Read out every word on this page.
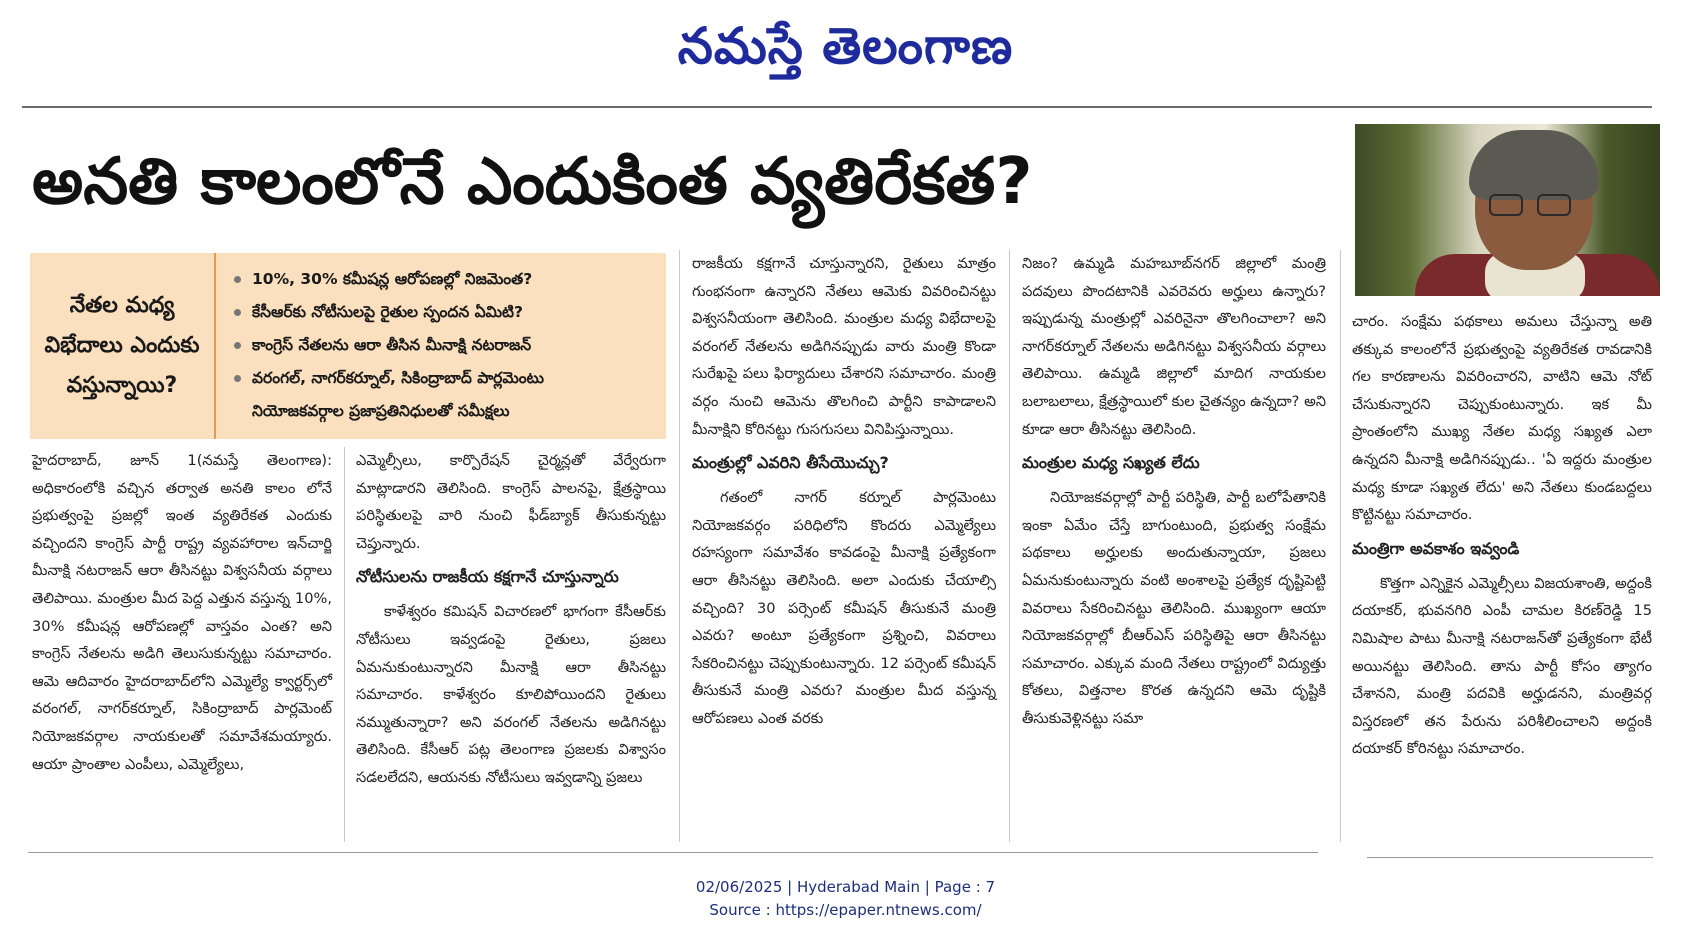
నమస్తే తెలంగాణ
అనతి కాలంలోనే ఎందుకింత వ్యతిరేకత?
నేతల మధ్య విభేదాలు ఎందుకు వస్తున్నాయి?
10%, 30% కమీషన్ల ఆరోపణల్లో నిజమెంత?
కేసీఆర్‌కు నోటీసులపై రైతుల స్పందన ఏమిటి?
కాంగ్రెస్ నేతలను ఆరా తీసిన మీనాక్షి నటరాజన్
వరంగల్, నాగర్‌కర్నూల్, సికింద్రాబాద్ పార్లమెంటు
నియోజకవర్గాల ప్రజాప్రతినిధులతో సమీక్షలు

హైదరాబాద్, జూన్ 1(నమస్తే తెలంగాణ): అధికారంలోకి వచ్చిన తర్వాత అనతి కాలం లోనే ప్రభుత్వంపై ప్రజల్లో ఇంత వ్యతిరేకత ఎందుకు వచ్చిందని కాంగ్రెస్ పార్టీ రాష్ట్ర వ్యవహారాల ఇన్‌చార్జి మీనాక్షి నటరాజన్ ఆరా తీసినట్టు విశ్వసనీయ వర్గాలు తెలిపాయి. మంత్రుల మీద పెద్ద ఎత్తున వస్తున్న 10%, 30% కమీషన్ల ఆరోపణల్లో వాస్తవం ఎంత? అని కాంగ్రెస్ నేతలను అడిగి తెలుసుకున్నట్టు సమాచారం. ఆమె ఆదివారం హైదరాబాద్‌లోని ఎమ్మెల్యే క్వార్టర్స్‌లో వరంగల్, నాగర్‌కర్నూల్, సికింద్రాబాద్ పార్లమెంట్ నియోజకవర్గాల నాయకులతో సమావేశమయ్యారు. ఆయా ప్రాంతాల ఎంపీలు, ఎమ్మెల్యేలు,

ఎమ్మెల్సీలు, కార్పొరేషన్ చైర్మన్లతో వేర్వేరుగా మాట్లాడారని తెలిసింది. కాంగ్రెస్ పాలనపై, క్షేత్రస్థాయి పరిస్థితులపై వారి నుంచి ఫీడ్‌బ్యాక్ తీసుకున్నట్టు చెప్తున్నారు.

నోటీసులను రాజకీయ కక్షగానే చూస్తున్నారు

కాళేశ్వరం కమిషన్ విచారణలో భాగంగా కేసీఆర్‌కు నోటీసులు ఇవ్వడంపై రైతులు, ప్రజలు ఏమనుకుంటున్నారని మీనాక్షి ఆరా తీసినట్టు సమాచారం. కాళేశ్వరం కూలిపోయిందని రైతులు నమ్ముతున్నారా? అని వరంగల్ నేతలను అడిగినట్టు తెలిసింది. కేసీఆర్ పట్ల తెలంగాణ ప్రజలకు విశ్వాసం సడలలేదని, ఆయనకు నోటీసులు ఇవ్వడాన్ని ప్రజలు

రాజకీయ కక్షగానే చూస్తున్నారని, రైతులు మాత్రం గుంభనంగా ఉన్నారని నేతలు ఆమెకు వివరించినట్టు విశ్వసనీయంగా తెలిసింది. మంత్రుల మధ్య విభేదాలపై వరంగల్ నేతలను అడిగినప్పుడు వారు మంత్రి కొండా సురేఖపై పలు ఫిర్యాదులు చేశారని సమాచారం. మంత్రి వర్గం నుంచి ఆమెను తొలగించి పార్టీని కాపాడాలని మీనాక్షిని కోరినట్టు గుసగుసలు వినిపిస్తున్నాయి.

మంత్రుల్లో ఎవరిని తీసేయొచ్చు?

గతంలో నాగర్ కర్నూల్ పార్లమెంటు నియోజకవర్గం పరిధిలోని కొందరు ఎమ్మెల్యేలు రహస్యంగా సమావేశం కావడంపై మీనాక్షి ప్రత్యేకంగా ఆరా తీసినట్టు తెలిసింది. అలా ఎందుకు చేయాల్సి వచ్చింది? 30 పర్సెంట్ కమీషన్ తీసుకునే మంత్రి ఎవరు? అంటూ ప్రత్యేకంగా ప్రశ్నించి, వివరాలు సేకరించినట్టు చెప్పుకుంటున్నారు. 12 పర్సెంట్ కమీషన్ తీసుకునే మంత్రి ఎవరు? మంత్రుల మీద వస్తున్న ఆరోపణలు ఎంత వరకు

నిజం? ఉమ్మడి మహబూబ్‌నగర్ జిల్లాలో మంత్రి పదవులు పొందటానికి ఎవరెవరు అర్హులు ఉన్నారు? ఇప్పుడున్న మంత్రుల్లో ఎవరినైనా తొలగించాలా? అని నాగర్‌కర్నూల్ నేతలను అడిగినట్టు విశ్వసనీయ వర్గాలు తెలిపాయి. ఉమ్మడి జిల్లాలో మాదిగ నాయకుల బలాబలాలు, క్షేత్రస్థాయిలో కుల చైతన్యం ఉన్నదా? అని కూడా ఆరా తీసినట్టు తెలిసింది.

మంత్రుల మధ్య సఖ్యత లేదు

నియోజకవర్గాల్లో పార్టీ పరిస్థితి, పార్టీ బలోపేతానికి ఇంకా ఏమేం చేస్తే బాగుంటుంది, ప్రభుత్వ సంక్షేమ పథకాలు అర్హులకు అందుతున్నాయా, ప్రజలు ఏమనుకుంటున్నారు వంటి అంశాలపై ప్రత్యేక దృష్టిపెట్టి వివరాలు సేకరించినట్టు తెలిసింది. ముఖ్యంగా ఆయా నియోజకవర్గాల్లో బీఆర్‌ఎస్ పరిస్థితిపై ఆరా తీసినట్టు సమాచారం. ఎక్కువ మంది నేతలు రాష్ట్రంలో విద్యుత్తు కోతలు, విత్తనాల కొరత ఉన్నదని ఆమె దృష్టికి తీసుకువెళ్లినట్టు సమా

చారం. సంక్షేమ పథకాలు అమలు చేస్తున్నా అతి తక్కువ కాలంలోనే ప్రభుత్వంపై వ్యతిరేకత రావడానికి గల కారణాలను వివరించారని, వాటిని ఆమె నోట్ చేసుకున్నారని చెప్పుకుంటున్నారు. ఇక మీ ప్రాంతంలోని ముఖ్య నేతల మధ్య సఖ్యత ఎలా ఉన్నదని మీనాక్షి అడిగినప్పుడు.. 'ఏ ఇద్దరు మంత్రుల మధ్య కూడా సఖ్యత లేదు' అని నేతలు కుండబద్దలు కొట్టినట్టు సమాచారం.

మంత్రిగా అవకాశం ఇవ్వండి

కొత్తగా ఎన్నికైన ఎమ్మెల్సీలు విజయశాంతి, అద్దంకి దయాకర్, భువనగిరి ఎంపీ చామల కిరణ్‌రెడ్డి 15 నిమిషాల పాటు మీనాక్షి నటరాజన్‌తో ప్రత్యేకంగా భేటీ అయినట్టు తెలిసింది. తాను పార్టీ కోసం త్యాగం చేశానని, మంత్రి పదవికి అర్హుడనని, మంత్రివర్గ విస్తరణలో తన పేరును పరిశీలించాలని అద్దంకి దయాకర్ కోరినట్టు సమాచారం.

02/06/2025 | Hyderabad Main | Page : 7
Source : https://epaper.ntnews.com/
